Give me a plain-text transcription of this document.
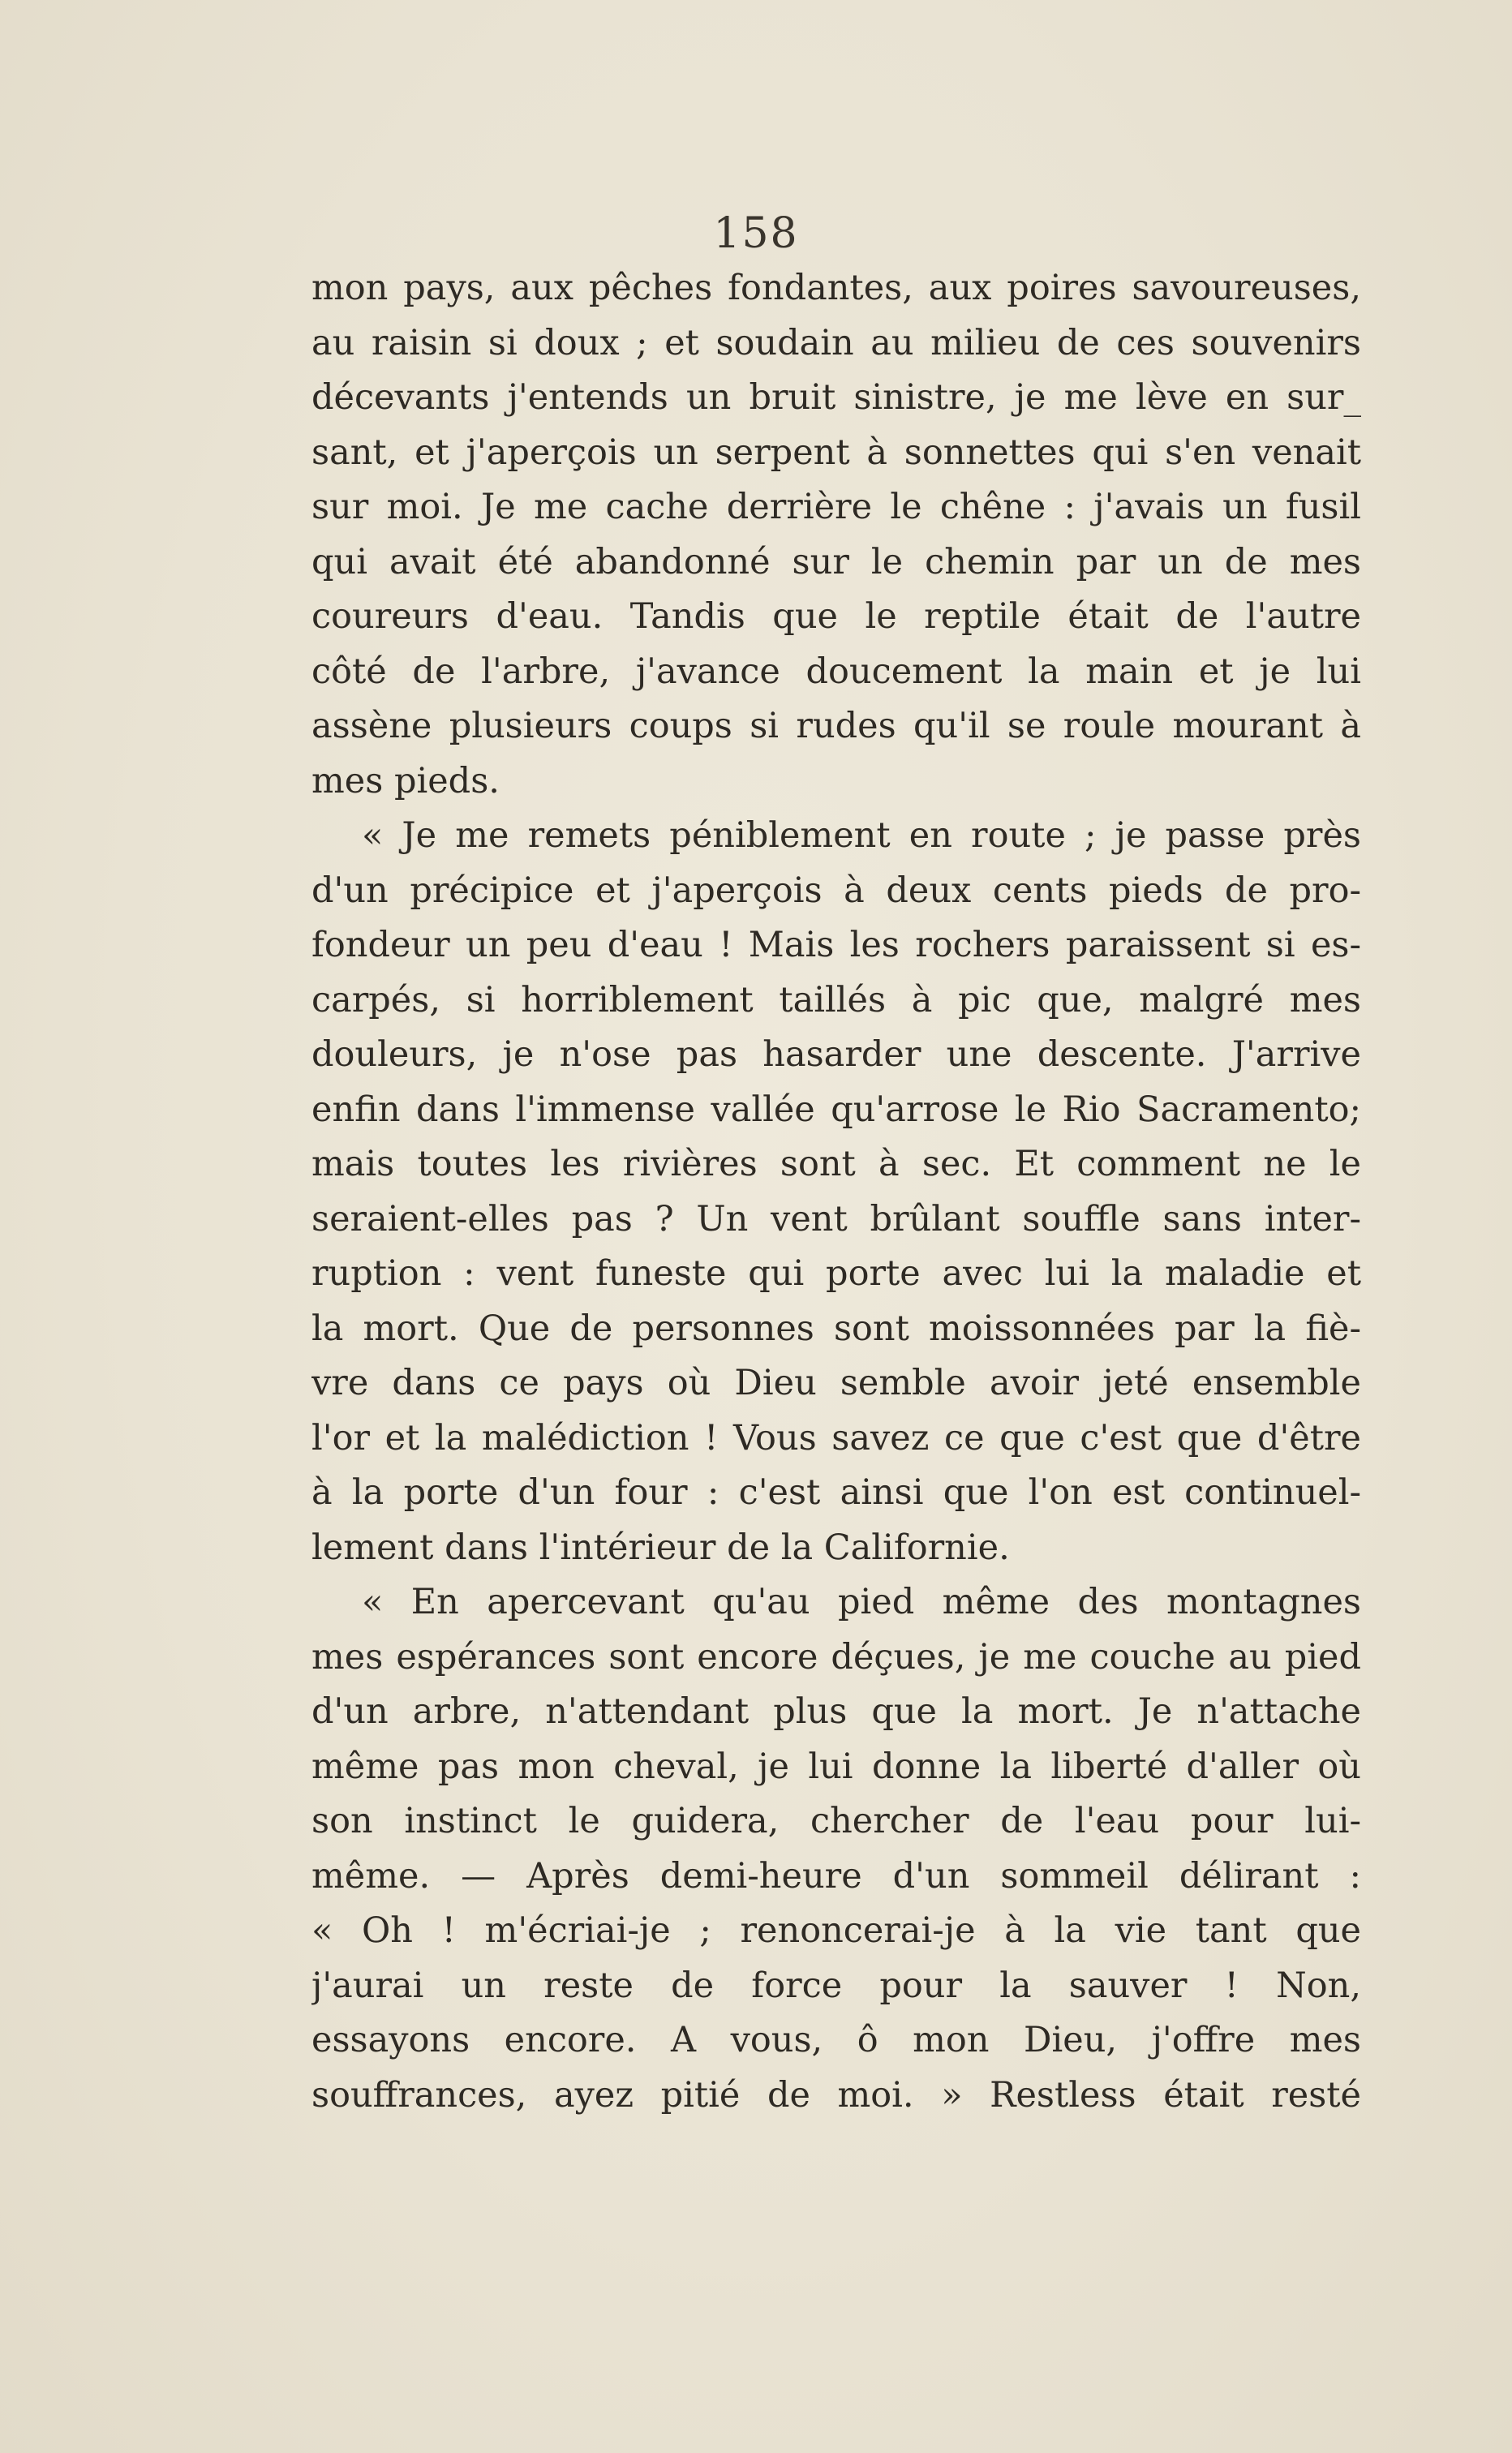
158
mon pays, aux pêches fondantes, aux poires savoureuses,
au raisin si doux ; et soudain au milieu de ces souvenirs
décevants j'entends un bruit sinistre, je me lève en sur_
sant, et j'aperçois un serpent à sonnettes qui s'en venait
sur moi. Je me cache derrière le chêne : j'avais un fusil
qui avait été abandonné sur le chemin par un de mes
coureurs d'eau. Tandis que le reptile était de l'autre
côté de l'arbre, j'avance doucement la main et je lui
assène plusieurs coups si rudes qu'il se roule mourant à
mes pieds.
« Je me remets péniblement en route ; je passe près
d'un précipice et j'aperçois à deux cents pieds de pro-
fondeur un peu d'eau ! Mais les rochers paraissent si es-
carpés, si horriblement taillés à pic que, malgré mes
douleurs, je n'ose pas hasarder une descente. J'arrive
enfin dans l'immense vallée qu'arrose le Rio Sacramento;
mais toutes les rivières sont à sec. Et comment ne le
seraient-elles pas ? Un vent brûlant souffle sans inter-
ruption : vent funeste qui porte avec lui la maladie et
la mort. Que de personnes sont moissonnées par la fiè-
vre dans ce pays où Dieu semble avoir jeté ensemble
l'or et la malédiction ! Vous savez ce que c'est que d'être
à la porte d'un four : c'est ainsi que l'on est continuel-
lement dans l'intérieur de la Californie.
« En apercevant qu'au pied même des montagnes
mes espérances sont encore déçues, je me couche au pied
d'un arbre, n'attendant plus que la mort. Je n'attache
même pas mon cheval, je lui donne la liberté d'aller où
son instinct le guidera, chercher de l'eau pour lui-
même. — Après demi-heure d'un sommeil délirant :
« Oh ! m'écriai-je ; renoncerai-je à la vie tant que
j'aurai un reste de force pour la sauver ! Non,
essayons encore. A vous, ô mon Dieu, j'offre mes
souffrances, ayez pitié de moi. » Restless était resté
